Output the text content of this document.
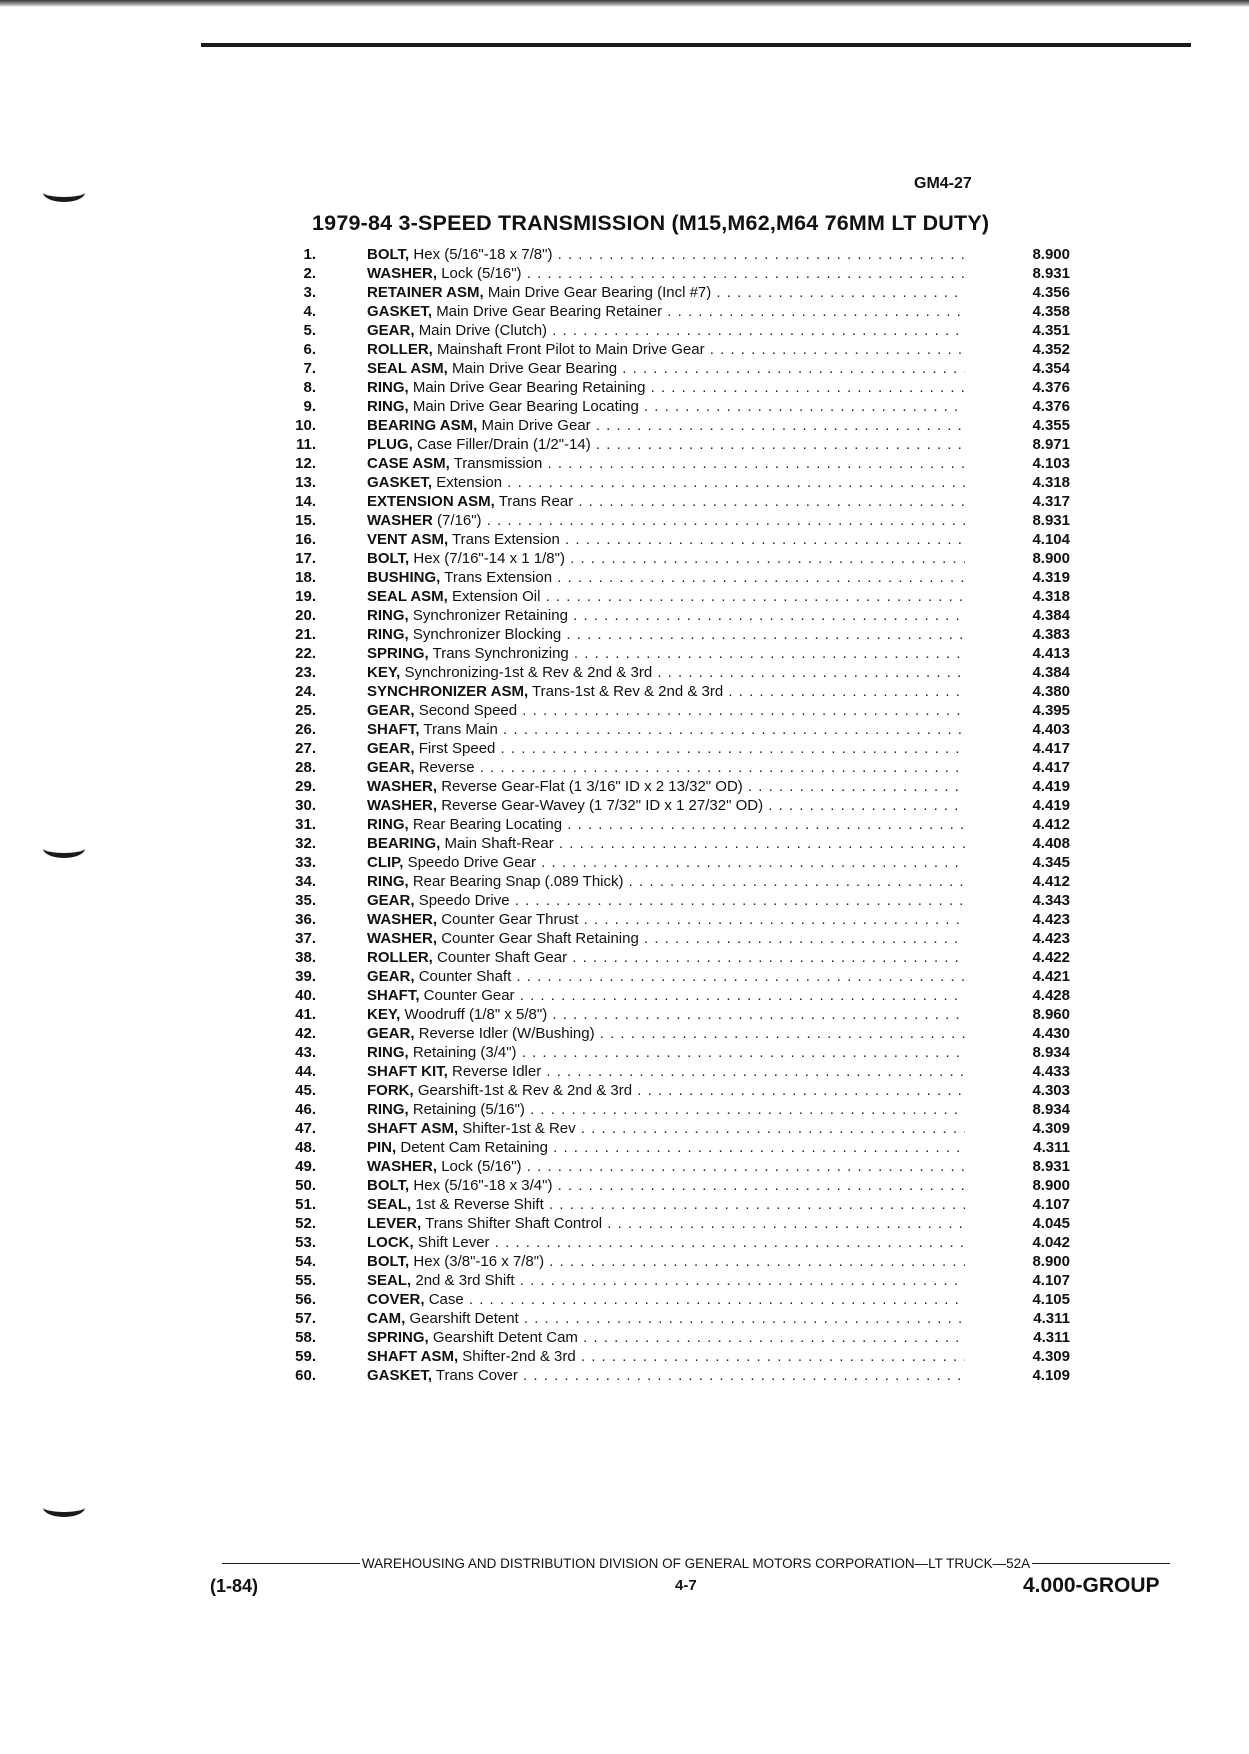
GM4-27
1979-84 3-SPEED TRANSMISSION (M15,M62,M64 76MM LT DUTY)
1.	BOLT, Hex (5/16"-18 x 7/8") . . .	8.900
2.	WASHER, Lock (5/16") . . .	8.931
3.	RETAINER ASM, Main Drive Gear Bearing (Incl #7) . . .	4.356
4.	GASKET, Main Drive Gear Bearing Retainer . . .	4.358
5.	GEAR, Main Drive (Clutch) . . .	4.351
6.	ROLLER, Mainshaft Front Pilot to Main Drive Gear . . .	4.352
7.	SEAL ASM, Main Drive Gear Bearing . . .	4.354
8.	RING, Main Drive Gear Bearing Retaining . . .	4.376
9.	RING, Main Drive Gear Bearing Locating . . .	4.376
10.	BEARING ASM, Main Drive Gear . . .	4.355
11.	PLUG, Case Filler/Drain (1/2"-14) . . .	8.971
12.	CASE ASM, Transmission . . .	4.103
13.	GASKET, Extension . . .	4.318
14.	EXTENSION ASM, Trans Rear . . .	4.317
15.	WASHER (7/16") . . .	8.931
16.	VENT ASM, Trans Extension . . .	4.104
17.	BOLT, Hex (7/16"-14 x 1 1/8") . . .	8.900
18.	BUSHING, Trans Extension . . .	4.319
19.	SEAL ASM, Extension Oil . . .	4.318
20.	RING, Synchronizer Retaining . . .	4.384
21.	RING, Synchronizer Blocking . . .	4.383
22.	SPRING, Trans Synchronizing . . .	4.413
23.	KEY, Synchronizing-1st & Rev & 2nd & 3rd . . .	4.384
24.	SYNCHRONIZER ASM, Trans-1st & Rev & 2nd & 3rd . . .	4.380
25.	GEAR, Second Speed . . .	4.395
26.	SHAFT, Trans Main . . .	4.403
27.	GEAR, First Speed . . .	4.417
28.	GEAR, Reverse . . .	4.417
29.	WASHER, Reverse Gear-Flat (1 3/16" ID x 2 13/32" OD) . . .	4.419
30.	WASHER, Reverse Gear-Wavey (1 7/32" ID x 1 27/32" OD) . . .	4.419
31.	RING, Rear Bearing Locating . . .	4.412
32.	BEARING, Main Shaft-Rear . . .	4.408
33.	CLIP, Speedo Drive Gear . . .	4.345
34.	RING, Rear Bearing Snap (.089 Thick) . . .	4.412
35.	GEAR, Speedo Drive . . .	4.343
36.	WASHER, Counter Gear Thrust . . .	4.423
37.	WASHER, Counter Gear Shaft Retaining . . .	4.423
38.	ROLLER, Counter Shaft Gear . . .	4.422
39.	GEAR, Counter Shaft . . .	4.421
40.	SHAFT, Counter Gear . . .	4.428
41.	KEY, Woodruff (1/8" x 5/8") . . .	8.960
42.	GEAR, Reverse Idler (W/Bushing) . . .	4.430
43.	RING, Retaining (3/4") . . .	8.934
44.	SHAFT KIT, Reverse Idler . . .	4.433
45.	FORK, Gearshift-1st & Rev & 2nd & 3rd . . .	4.303
46.	RING, Retaining (5/16") . . .	8.934
47.	SHAFT ASM, Shifter-1st & Rev . . .	4.309
48.	PIN, Detent Cam Retaining . . .	4.311
49.	WASHER, Lock (5/16") . . .	8.931
50.	BOLT, Hex (5/16"-18 x 3/4") . . .	8.900
51.	SEAL, 1st & Reverse Shift . . .	4.107
52.	LEVER, Trans Shifter Shaft Control . . .	4.045
53.	LOCK, Shift Lever . . .	4.042
54.	BOLT, Hex (3/8"-16 x 7/8") . . .	8.900
55.	SEAL, 2nd & 3rd Shift . . .	4.107
56.	COVER, Case . . .	4.105
57.	CAM, Gearshift Detent . . .	4.311
58.	SPRING, Gearshift Detent Cam . . .	4.311
59.	SHAFT ASM, Shifter-2nd & 3rd . . .	4.309
60.	GASKET, Trans Cover . . .	4.109
WAREHOUSING AND DISTRIBUTION DIVISION OF GENERAL MOTORS CORPORATION—LT TRUCK—52A
(1-84)	4-7	4.000-GROUP
